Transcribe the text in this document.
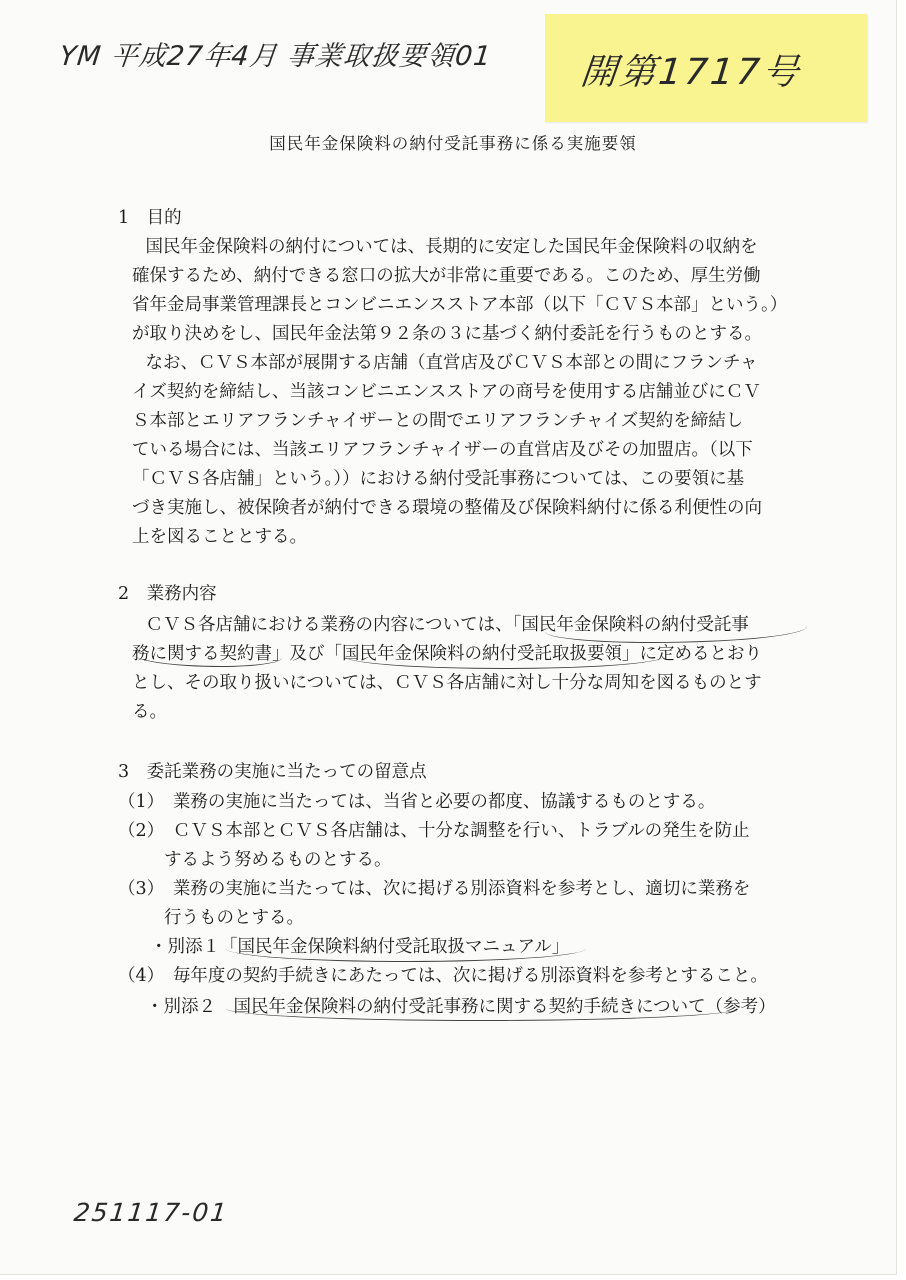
YM 平成27年4月 事業取扱要領01 開第1717号
国民年金保険料の納付受託事務に係る実施要領
1　目的
　国民年金保険料の納付については、長期的に安定した国民年金保険料の収納を
確保するため、納付できる窓口の拡大が非常に重要である。このため、厚生労働
省年金局事業管理課長とコンビニエンスストア本部（以下「ＣＶＳ本部」という。）
が取り決めをし、国民年金法第９２条の３に基づく納付委託を行うものとする。
　なお、ＣＶＳ本部が展開する店舗（直営店及びＣＶＳ本部との間にフランチャ
イズ契約を締結し、当該コンビニエンスストアの商号を使用する店舗並びにＣＶ
Ｓ本部とエリアフランチャイザーとの間でエリアフランチャイズ契約を締結し
ている場合には、当該エリアフランチャイザーの直営店及びその加盟店。（以下
「ＣＶＳ各店舗」という。））における納付受託事務については、この要領に基
づき実施し、被保険者が納付できる環境の整備及び保険料納付に係る利便性の向
上を図ることとする。
2　業務内容
　ＣＶＳ各店舗における業務の内容については、「国民年金保険料の納付受託事
務に関する契約書」及び「国民年金保険料の納付受託取扱要領」に定めるとおり
とし、その取り扱いについては、ＣＶＳ各店舗に対し十分な周知を図るものとす
る。
3　委託業務の実施に当たっての留意点
（1）　業務の実施に当たっては、当省と必要の都度、協議するものとする。
（2）　ＣＶＳ本部とＣＶＳ各店舗は、十分な調整を行い、トラブルの発生を防止
するよう努めるものとする。
（3）　業務の実施に当たっては、次に掲げる別添資料を参考とし、適切に業務を
行うものとする。
・別添１「国民年金保険料納付受託取扱マニュアル」
（4）　毎年度の契約手続きにあたっては、次に掲げる別添資料を参考とすること。
・別添２　国民年金保険料の納付受託事務に関する契約手続きについて（参考）
251117-01
